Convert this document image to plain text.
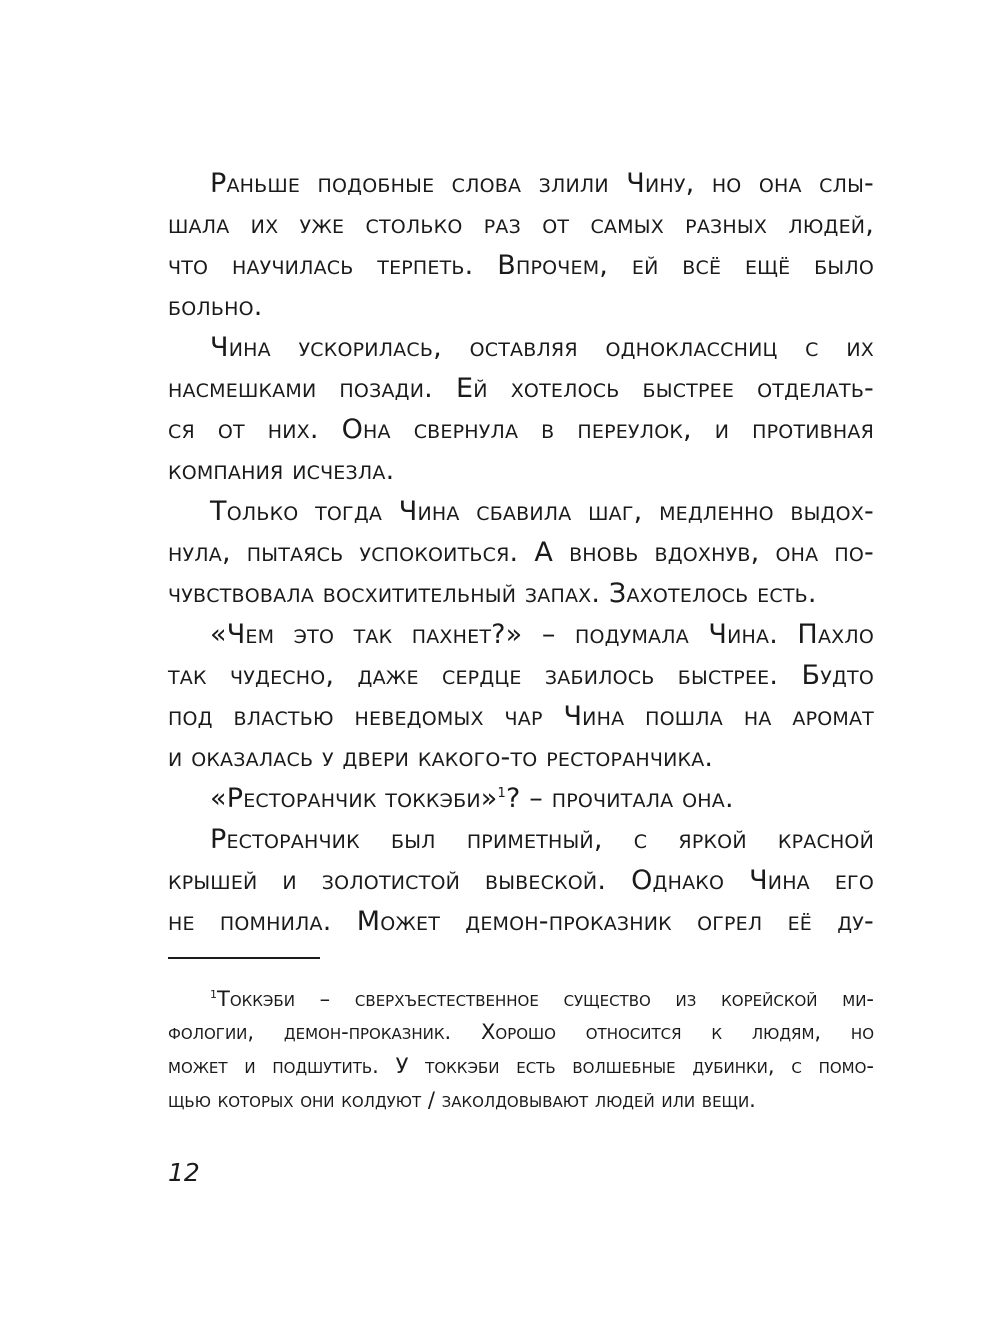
Раньше подобные слова злили Чину, но она слы-
шала их уже столько раз от самых разных людей,
что научилась терпеть. Впрочем, ей всё ещё было
больно.
Чина ускорилась, оставляя одноклассниц с их
насмешками позади. Ей хотелось быстрее отделать-
ся от них. Она свернула в переулок, и противная
компания исчезла.
Только тогда Чина сбавила шаг, медленно выдох-
нула, пытаясь успокоиться. А вновь вдохнув, она по-
чувствовала восхитительный запах. Захотелось есть.
«Чем это так пахнет?» – подумала Чина. Пахло
так чудесно, даже сердце забилось быстрее. Будто
под властью неведомых чар Чина пошла на аромат
и оказалась у двери какого-то ресторанчика.
«Ресторанчик токкэби»$^1$? – прочитала она.
Ресторанчик был приметный, с яркой красной
крышей и золотистой вывеской. Однако Чина его
не помнила. Может демон-проказник огрел её ду-
$^1$Токкэби – сверхъестественное существо из корейской ми-
фологии, демон-проказник. Хорошо относится к людям, но
может и подшутить. У токкэби есть волшебные дубинки, с помо-
щью которых они колдуют / заколдовывают людей или вещи.
12
